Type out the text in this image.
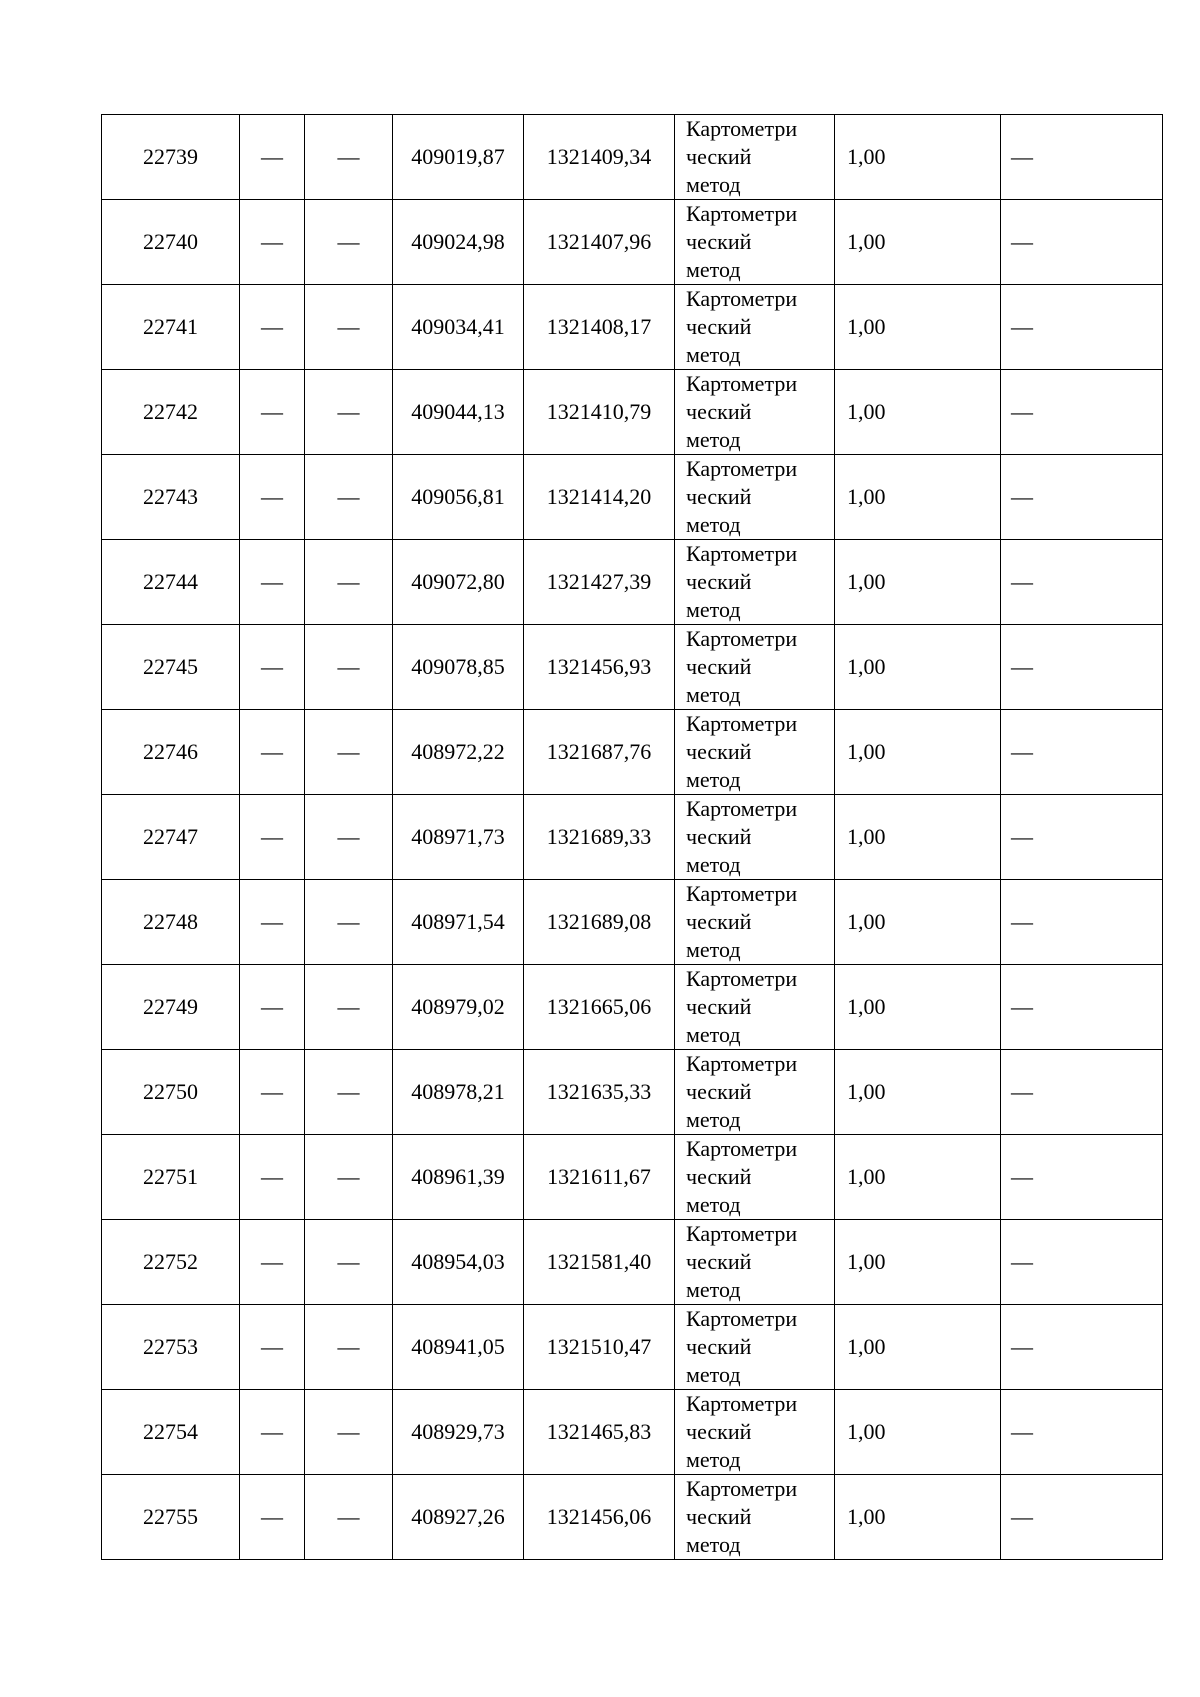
22739	—	—	409019,87	1321409,34	Картометри
ческий
метод	1,00	—
22740	—	—	409024,98	1321407,96	Картометри
ческий
метод	1,00	—
22741	—	—	409034,41	1321408,17	Картометри
ческий
метод	1,00	—
22742	—	—	409044,13	1321410,79	Картометри
ческий
метод	1,00	—
22743	—	—	409056,81	1321414,20	Картометри
ческий
метод	1,00	—
22744	—	—	409072,80	1321427,39	Картометри
ческий
метод	1,00	—
22745	—	—	409078,85	1321456,93	Картометри
ческий
метод	1,00	—
22746	—	—	408972,22	1321687,76	Картометри
ческий
метод	1,00	—
22747	—	—	408971,73	1321689,33	Картометри
ческий
метод	1,00	—
22748	—	—	408971,54	1321689,08	Картометри
ческий
метод	1,00	—
22749	—	—	408979,02	1321665,06	Картометри
ческий
метод	1,00	—
22750	—	—	408978,21	1321635,33	Картометри
ческий
метод	1,00	—
22751	—	—	408961,39	1321611,67	Картометри
ческий
метод	1,00	—
22752	—	—	408954,03	1321581,40	Картометри
ческий
метод	1,00	—
22753	—	—	408941,05	1321510,47	Картометри
ческий
метод	1,00	—
22754	—	—	408929,73	1321465,83	Картометри
ческий
метод	1,00	—
22755	—	—	408927,26	1321456,06	Картометри
ческий
метод	1,00	—
